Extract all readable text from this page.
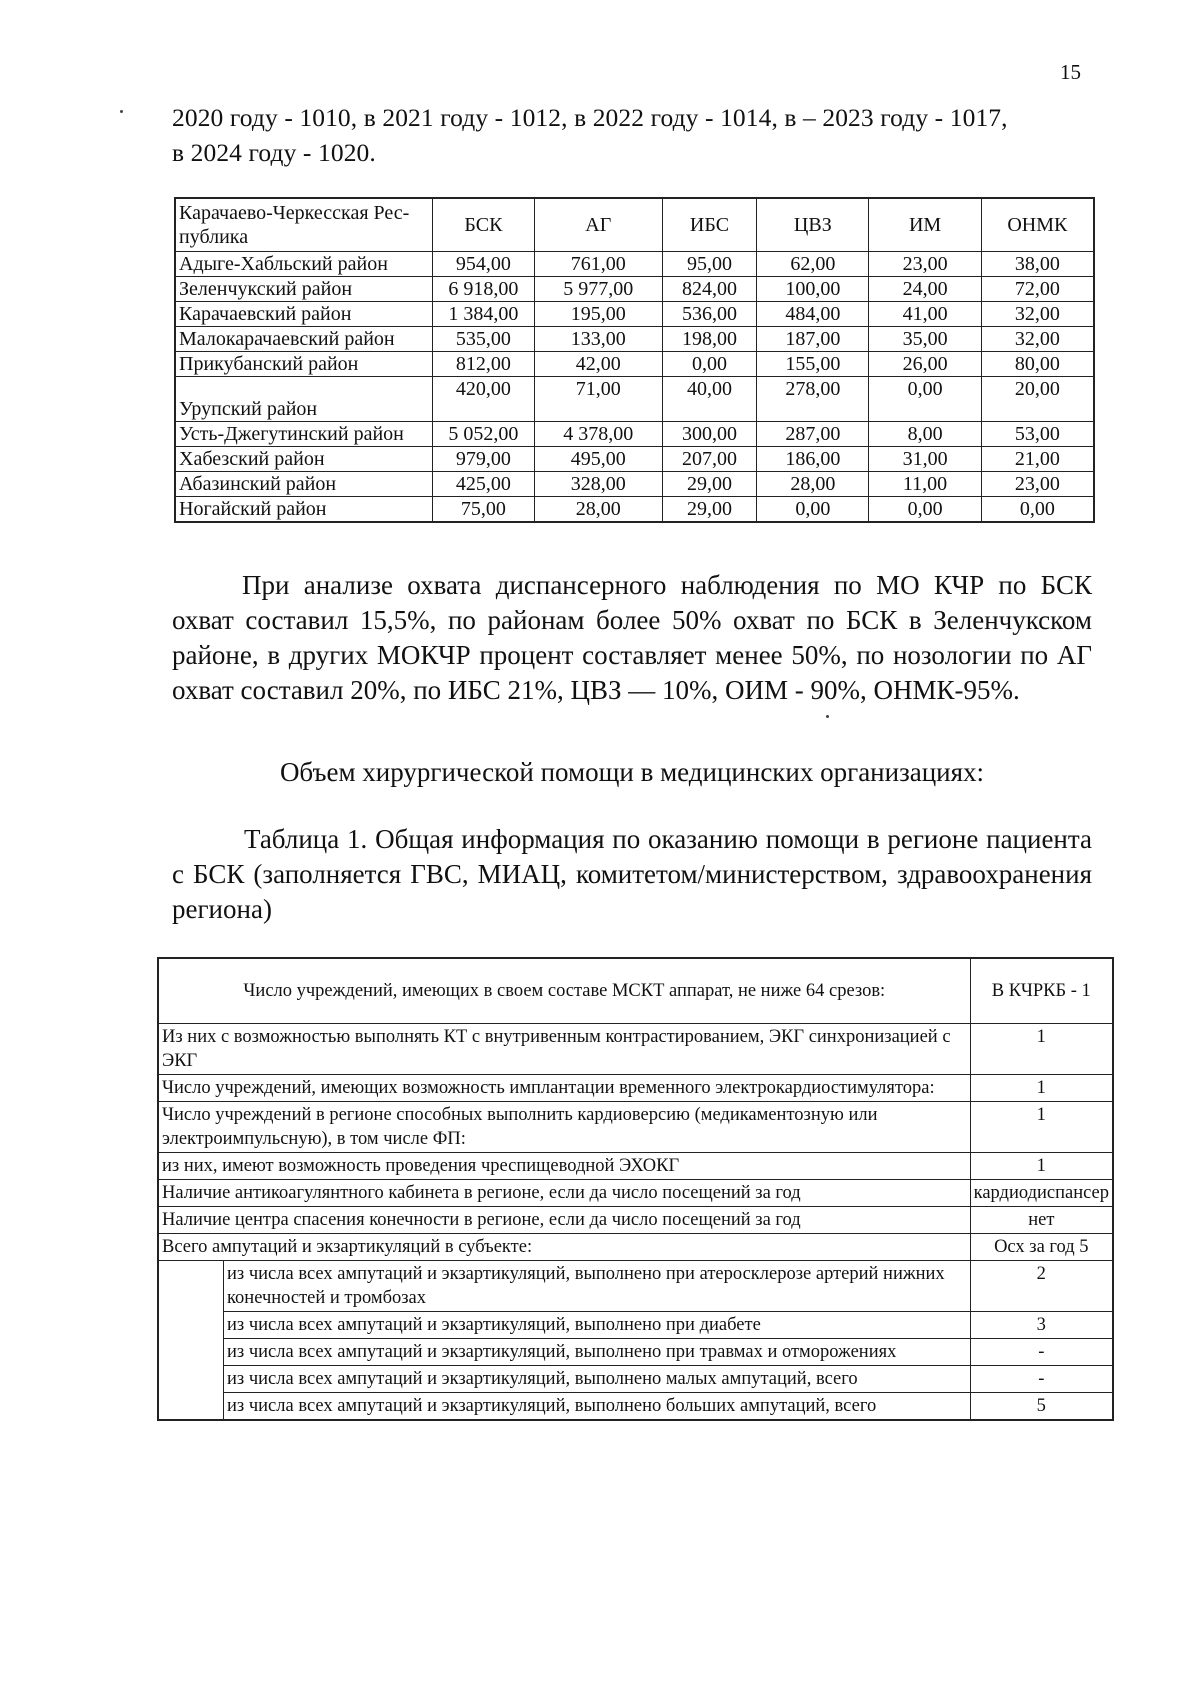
15
2020 году - 1010, в 2021 году - 1012, в 2022 году - 1014, в – 2023 году - 1017,
в 2024 году - 1020.
Карачаево-Черкесская Рес-публика	БСК	АГ	ИБС	ЦВЗ	ИМ	ОНМК
Адыге-Хабльский район	954,00	761,00	95,00	62,00	23,00	38,00
Зеленчукский район	6 918,00	5 977,00	824,00	100,00	24,00	72,00
Карачаевский район	1 384,00	195,00	536,00	484,00	41,00	32,00
Малокарачаевский район	535,00	133,00	198,00	187,00	35,00	32,00
Прикубанский район	812,00	42,00	0,00	155,00	26,00	80,00
Урупский район	420,00	71,00	40,00	278,00	0,00	20,00
Усть-Джегутинский район	5 052,00	4 378,00	300,00	287,00	8,00	53,00
Хабезский район	979,00	495,00	207,00	186,00	31,00	21,00
Абазинский район	425,00	328,00	29,00	28,00	11,00	23,00
Ногайский район	75,00	28,00	29,00	0,00	0,00	0,00
При анализе охвата диспансерного наблюдения по МО КЧР по БСК охват составил 15,5%, по районам более 50% охват по БСК в Зеленчукском районе, в других МОКЧР процент составляет менее 50%, по нозологии по АГ охват составил 20%, по ИБС 21%, ЦВЗ — 10%, ОИМ - 90%, ОНМК-95%.
Объем хирургической помощи в медицинских организациях:
Таблица 1. Общая информация по оказанию помощи в регионе пациента с БСК (заполняется ГВС, МИАЦ, комитетом/министерством, здравоохранения региона)
Число учреждений, имеющих в своем составе МСКТ аппарат, не ниже 64 срезов:		В КЧРКБ - 1
Из них с возможностью выполнять КТ с внутривенным контрастированием, ЭКГ синхронизацией с ЭКГ		1
Число учреждений, имеющих возможность имплантации временного электрокардиостимулятора:		1
Число учреждений в регионе способных выполнить кардиоверсию (медикаментозную или электроимпульсную), в том числе ФП:		1
из них, имеют возможность проведения чреспищеводной ЭХОКГ		1
Наличие антикоагулянтного кабинета в регионе, если да число посещений за год		кардиодиспансер
Наличие центра спасения конечности в регионе, если да число посещений за год		нет
Всего ампутаций и экзартикуляций в субъекте:		Осх за год 5
	из числа всех ампутаций и экзартикуляций, выполнено при атеросклерозе артерий нижних конечностей и тромбозах	2
	из числа всех ампутаций и экзартикуляций, выполнено при диабете	3
	из числа всех ампутаций и экзартикуляций, выполнено при травмах и отморожениях	-
	из числа всех ампутаций и экзартикуляций, выполнено малых ампутаций, всего	-
	из числа всех ампутаций и экзартикуляций, выполнено больших ампутаций, всего	5
